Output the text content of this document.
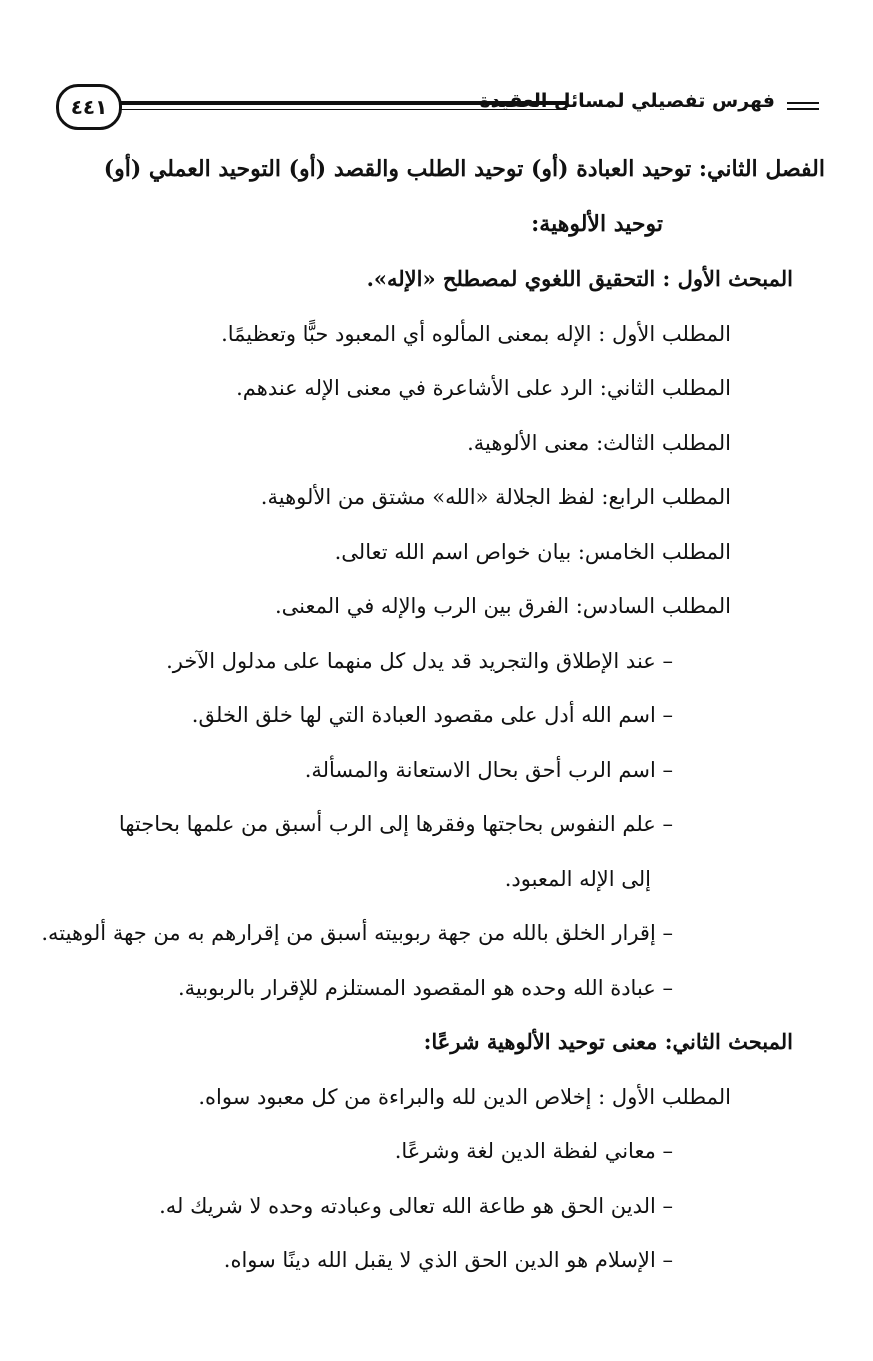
٤٤١	فهرس تفصيلي لمسائل العقيدة
الفصل الثاني: توحيد العبادة (أو) توحيد الطلب والقصد (أو) التوحيد العملي (أو)
توحيد الألوهية:
المبحث الأول : التحقيق اللغوي لمصطلح «الإله».
المطلب الأول : الإله بمعنى المألوه أي المعبود حبًّا وتعظيمًا.
المطلب الثاني: الرد على الأشاعرة في معنى الإله عندهم.
المطلب الثالث: معنى الألوهية.
المطلب الرابع: لفظ الجلالة «الله» مشتق من الألوهية.
المطلب الخامس: بيان خواص اسم الله تعالى.
المطلب السادس: الفرق بين الرب والإله في المعنى.
– عند الإطلاق والتجريد قد يدل كل منهما على مدلول الآخر.
– اسم الله أدل على مقصود العبادة التي لها خلق الخلق.
– اسم الرب أحق بحال الاستعانة والمسألة.
– علم النفوس بحاجتها وفقرها إلى الرب أسبق من علمها بحاجتها
إلى الإله المعبود.
– إقرار الخلق بالله من جهة ربوبيته أسبق من إقرارهم به من جهة ألوهيته.
– عبادة الله وحده هو المقصود المستلزم للإقرار بالربوبية.
المبحث الثاني: معنى توحيد الألوهية شرعًا:
المطلب الأول : إخلاص الدين لله والبراءة من كل معبود سواه.
– معاني لفظة الدين لغة وشرعًا.
– الدين الحق هو طاعة الله تعالى وعبادته وحده لا شريك له.
– الإسلام هو الدين الحق الذي لا يقبل الله دينًا سواه.
